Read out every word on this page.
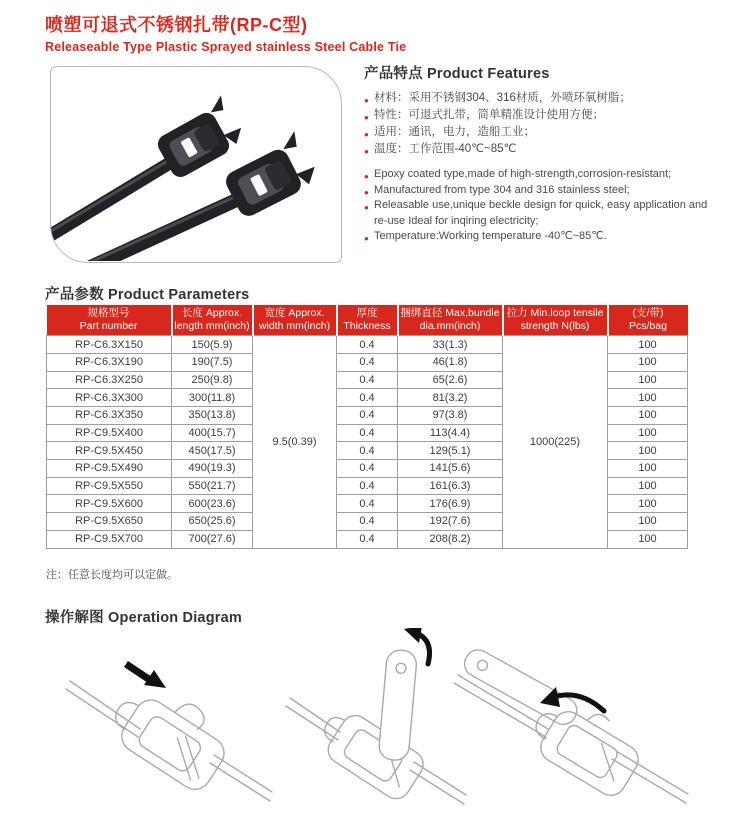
喷塑可退式不锈钢扎带(RP-C型)
Releaseable Type Plastic Sprayed stainless Steel Cable Tie
产品特点 Product Features
● 材料：采用不锈钢304、316材质，外喷环氧树脂；
● 特性：可退式扎带，简单精准设计使用方便；
● 适用：通讯，电力，造船工业；
● 温度：工作范围-40℃~85℃
● Epoxy coated type,made of high-strength,corrosion-resistant;
● Manufactured from type 304 and 316 stainless steel;
● Releasable use,unique beckle design for quick, easy application and re-use Ideal for inqiring electricity;
● Temperature:Working temperature -40℃~85℃.
产品参数 Product Parameters
规格型号
Part number

长度 Approx.
length mm(inch)

宽度 Approx.
width mm(inch)

厚度
Thickness

捆绑直径 Max,bundle
dia.mm(inch)

拉力 Min.loop tensile
strength N(lbs)

(支/带)
Pcs/bag

RP-C6.3X150	150(5.9)	9.5(0.39)	0.4	33(1.3)	1000(225)	100
RP-C6.3X190	190(7.5)		0.4	46(1.8)		100
RP-C6.3X250	250(9.8)		0.4	65(2.6)		100
RP-C6.3X300	300(11.8)		0.4	81(3.2)		100
RP-C6.3X350	350(13.8)		0.4	97(3.8)		100
RP-C9.5X400	400(15.7)		0.4	113(4.4)		100
RP-C9.5X450	450(17.5)		0.4	129(5.1)		100
RP-C9.5X490	490(19.3)		0.4	141(5.6)		100
RP-C9.5X550	550(21.7)		0.4	161(6.3)		100
RP-C9.5X600	600(23.6)		0.4	176(6.9)		100
RP-C9.5X650	650(25.6)		0.4	192(7.6)		100
RP-C9.5X700	700(27.6)		0.4	208(8.2)		100
注：任意长度均可以定做。
操作解图 Operation Diagram
